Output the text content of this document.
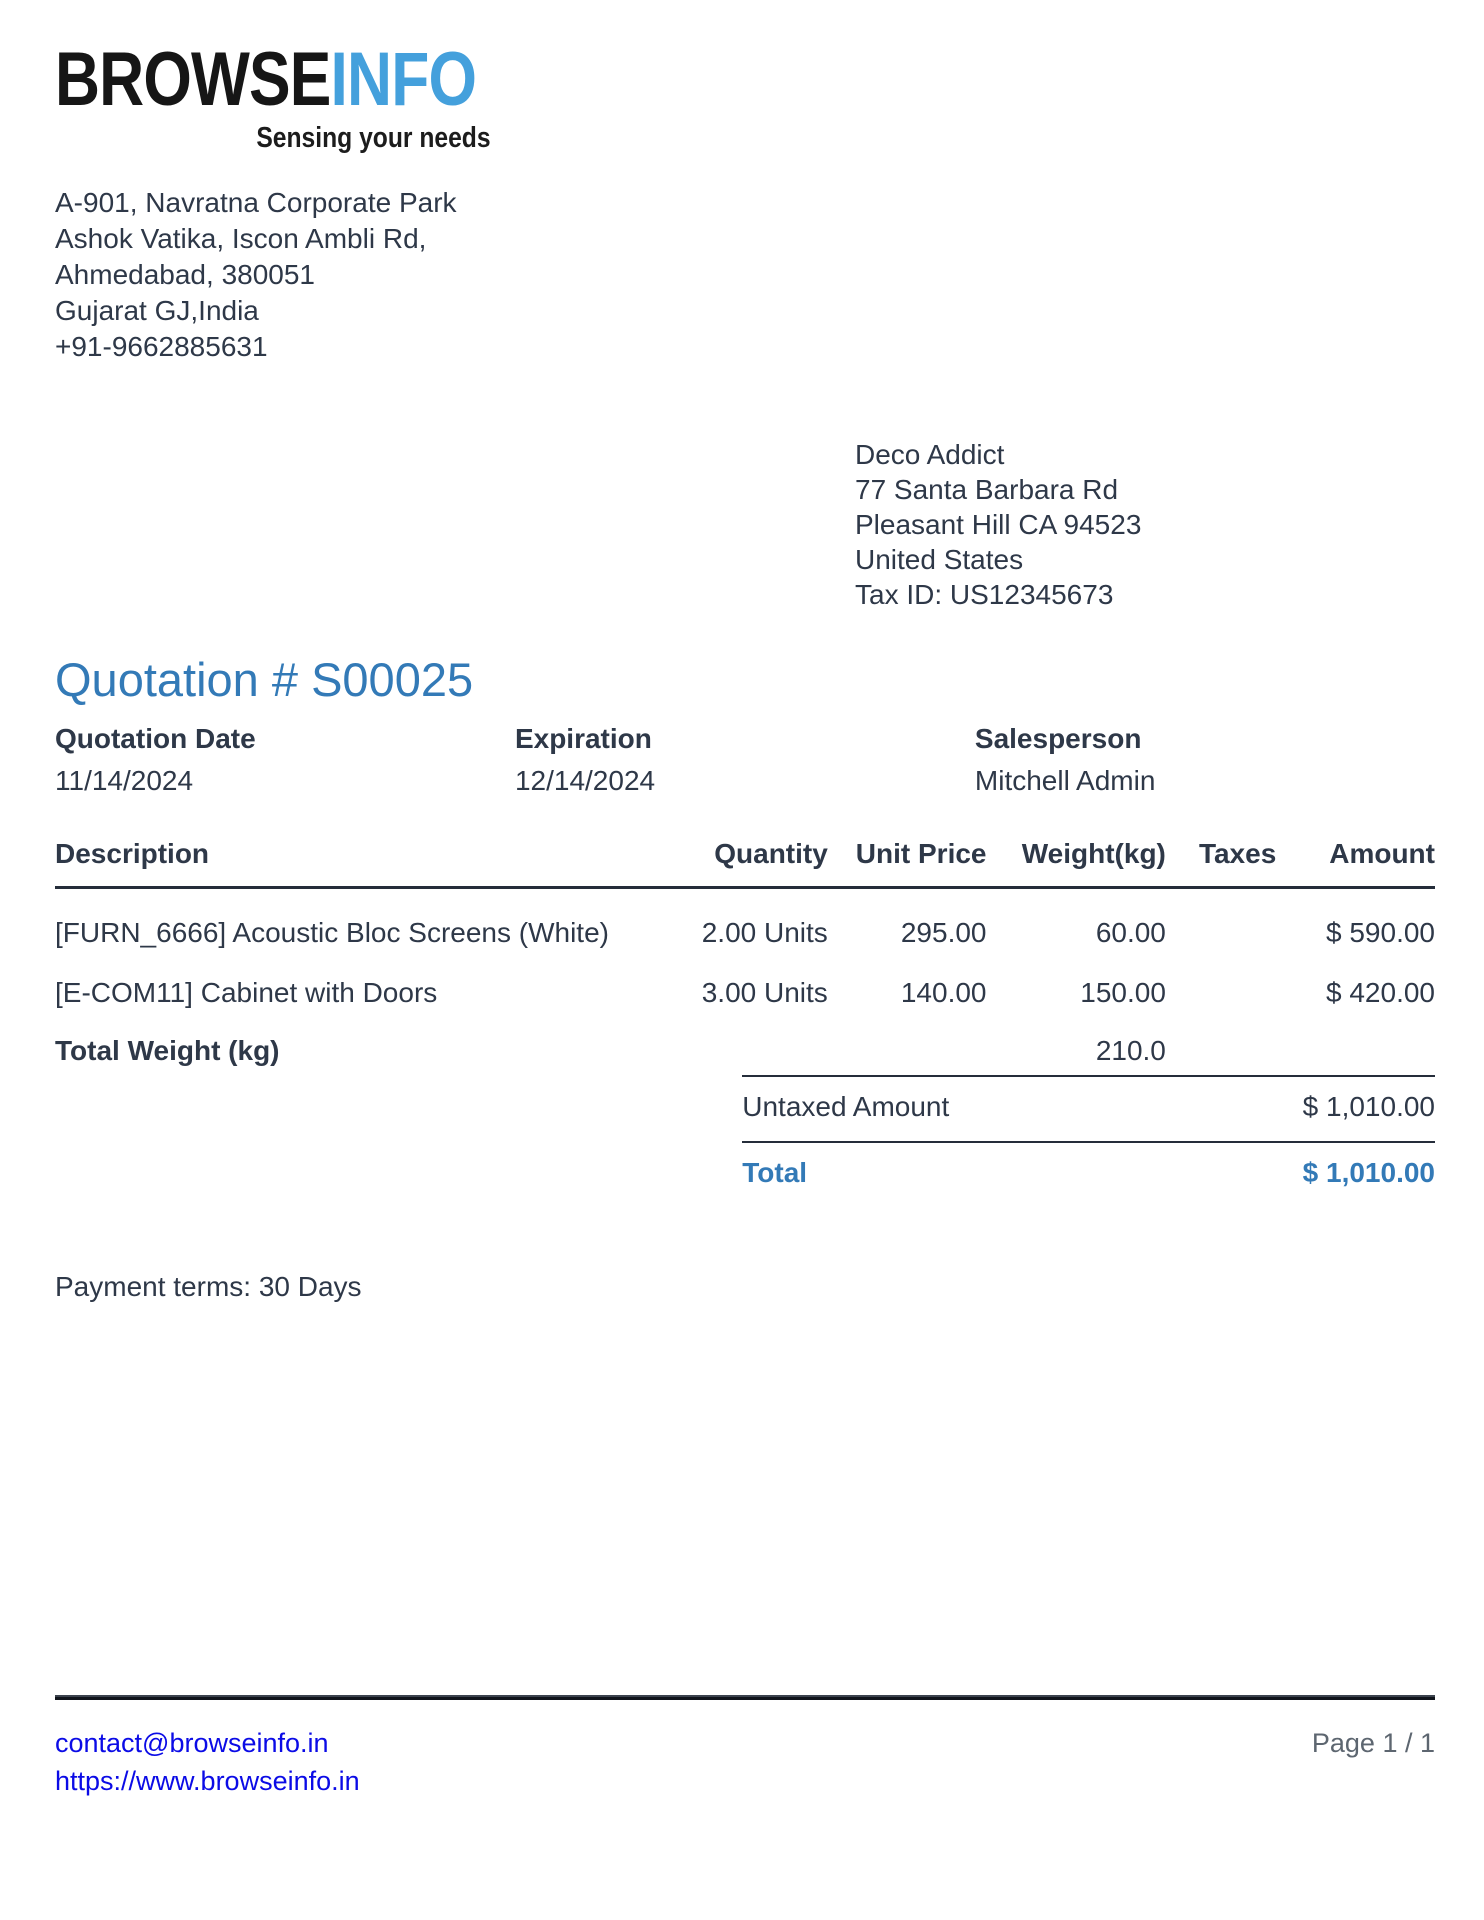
BROWSEINFO
Sensing your needs
A-901, Navratna Corporate Park
Ashok Vatika, Iscon Ambli Rd,
Ahmedabad, 380051
Gujarat GJ,India
+91-9662885631
Deco Addict
77 Santa Barbara Rd
Pleasant Hill CA 94523
United States
Tax ID: US12345673
Quotation # S00025
Quotation Date
11/14/2024
Expiration
12/14/2024
Salesperson
Mitchell Admin
Description	Quantity	Unit Price	Weight(kg)	Taxes	Amount
[FURN_6666] Acoustic Bloc Screens (White)	2.00 Units	295.00	60.00		$ 590.00
[E-COM11] Cabinet with Doors	3.00 Units	140.00	150.00		$ 420.00
Total Weight (kg)			210.0		
Untaxed Amount	$ 1,010.00
Total	$ 1,010.00
Payment terms: 30 Days
contact@browseinfo.in
https://www.browseinfo.in
Page 1 / 1
